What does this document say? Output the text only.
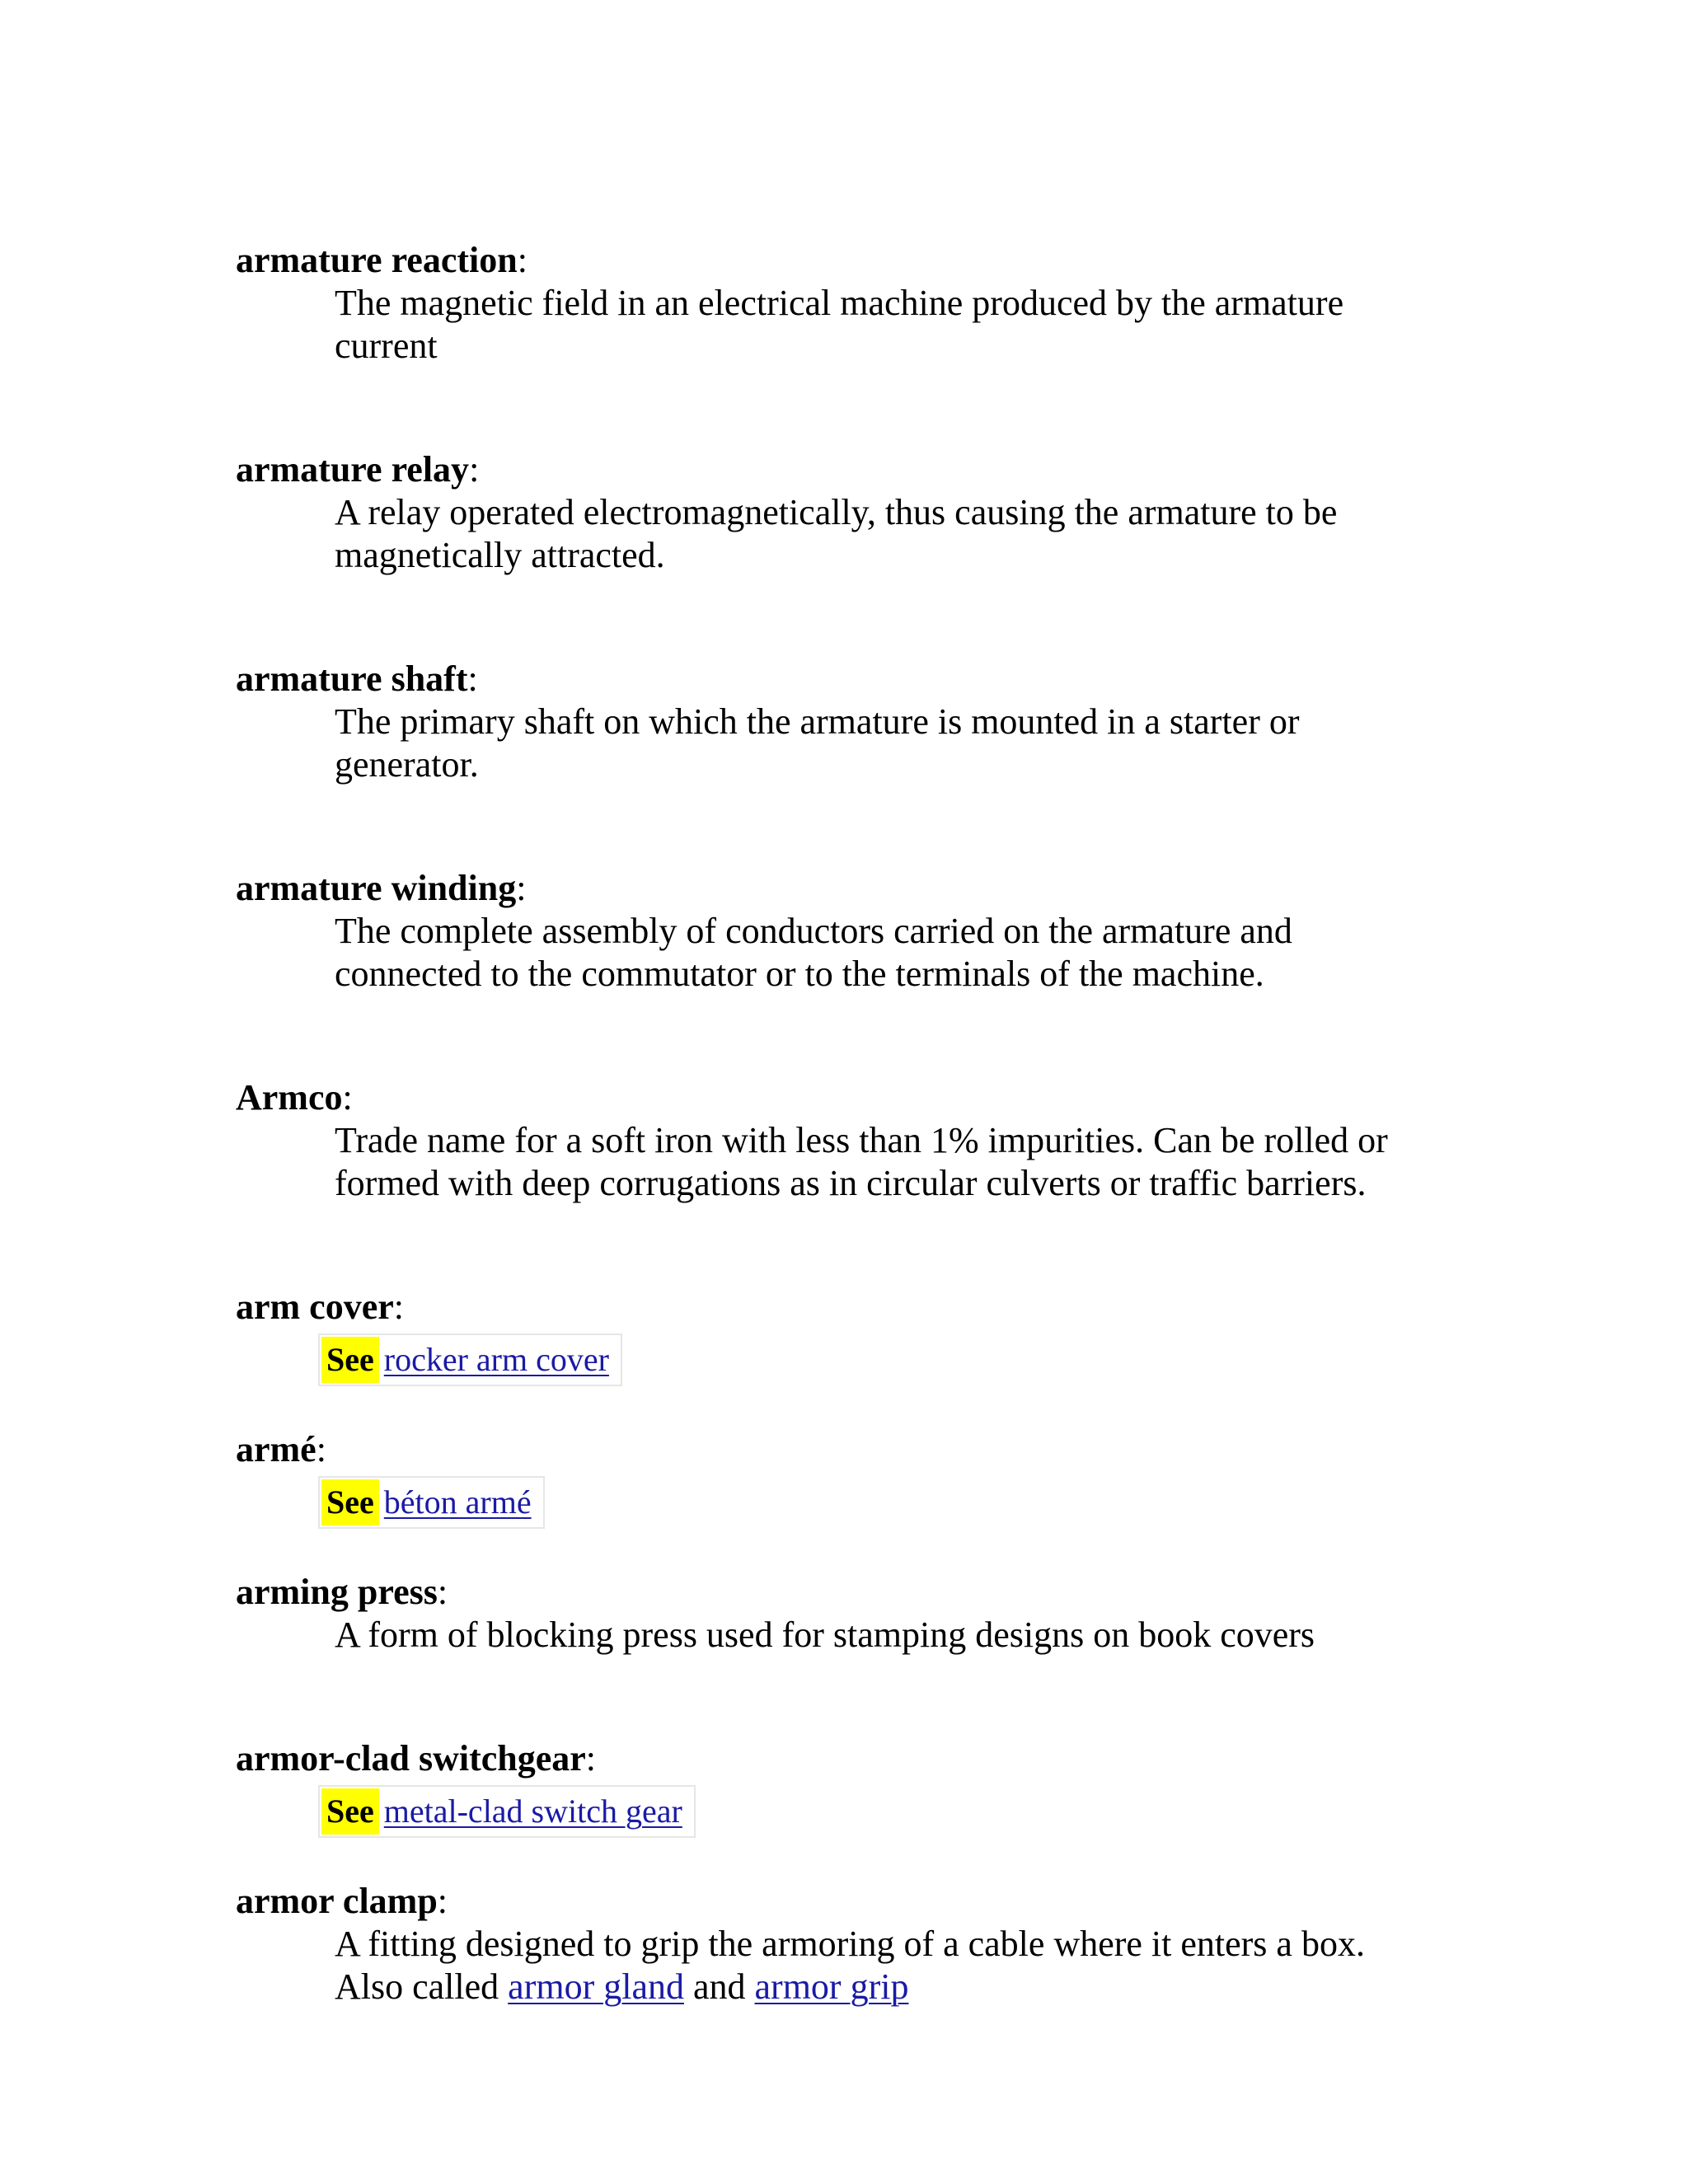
armature reaction:
The magnetic field in an electrical machine produced by the armature
current
armature relay:
A relay operated electromagnetically, thus causing the armature to be
magnetically attracted.
armature shaft:
The primary shaft on which the armature is mounted in a starter or
generator.
armature winding:
The complete assembly of conductors carried on the armature and
connected to the commutator or to the terminals of the machine.
Armco:
Trade name for a soft iron with less than 1% impurities. Can be rolled or
formed with deep corrugations as in circular culverts or traffic barriers.
arm cover:
See rocker arm cover
armé:
See béton armé
arming press:
A form of blocking press used for stamping designs on book covers
armor-clad switchgear:
See metal-clad switch gear
armor clamp:
A fitting designed to grip the armoring of a cable where it enters a box.
Also called armor gland and armor grip
